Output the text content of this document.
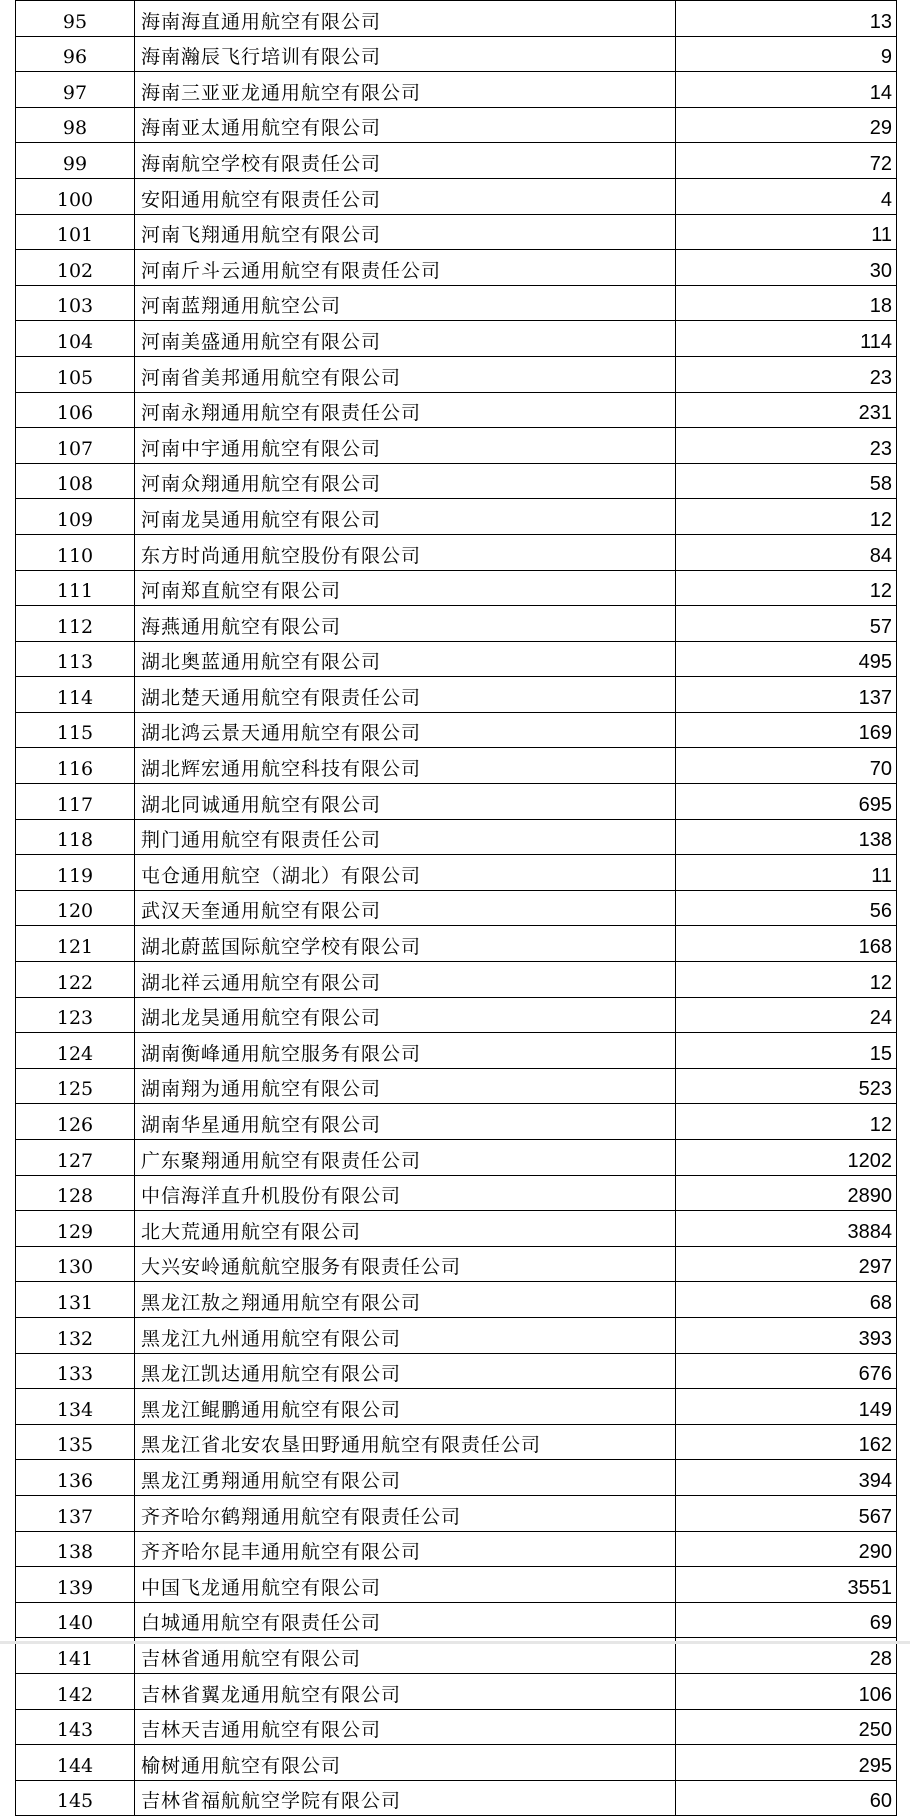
95	海南海直通用航空有限公司	13
96	海南瀚辰飞行培训有限公司	9
97	海南三亚亚龙通用航空有限公司	14
98	海南亚太通用航空有限公司	29
99	海南航空学校有限责任公司	72
100	安阳通用航空有限责任公司	4
101	河南飞翔通用航空有限公司	11
102	河南斤斗云通用航空有限责任公司	30
103	河南蓝翔通用航空公司	18
104	河南美盛通用航空有限公司	114
105	河南省美邦通用航空有限公司	23
106	河南永翔通用航空有限责任公司	231
107	河南中宇通用航空有限公司	23
108	河南众翔通用航空有限公司	58
109	河南龙昊通用航空有限公司	12
110	东方时尚通用航空股份有限公司	84
111	河南郑直航空有限公司	12
112	海燕通用航空有限公司	57
113	湖北奥蓝通用航空有限公司	495
114	湖北楚天通用航空有限责任公司	137
115	湖北鸿云景天通用航空有限公司	169
116	湖北辉宏通用航空科技有限公司	70
117	湖北同诚通用航空有限公司	695
118	荆门通用航空有限责任公司	138
119	屯仓通用航空（湖北）有限公司	11
120	武汉天奎通用航空有限公司	56
121	湖北蔚蓝国际航空学校有限公司	168
122	湖北祥云通用航空有限公司	12
123	湖北龙昊通用航空有限公司	24
124	湖南衡峰通用航空服务有限公司	15
125	湖南翔为通用航空有限公司	523
126	湖南华星通用航空有限公司	12
127	广东聚翔通用航空有限责任公司	1202
128	中信海洋直升机股份有限公司	2890
129	北大荒通用航空有限公司	3884
130	大兴安岭通航航空服务有限责任公司	297
131	黑龙江敖之翔通用航空有限公司	68
132	黑龙江九州通用航空有限公司	393
133	黑龙江凯达通用航空有限公司	676
134	黑龙江鲲鹏通用航空有限公司	149
135	黑龙江省北安农垦田野通用航空有限责任公司	162
136	黑龙江勇翔通用航空有限公司	394
137	齐齐哈尔鹤翔通用航空有限责任公司	567
138	齐齐哈尔昆丰通用航空有限公司	290
139	中国飞龙通用航空有限公司	3551
140	白城通用航空有限责任公司	69
141	吉林省通用航空有限公司	28
142	吉林省翼龙通用航空有限公司	106
143	吉林天吉通用航空有限公司	250
144	榆树通用航空有限公司	295
145	吉林省福航航空学院有限公司	60
